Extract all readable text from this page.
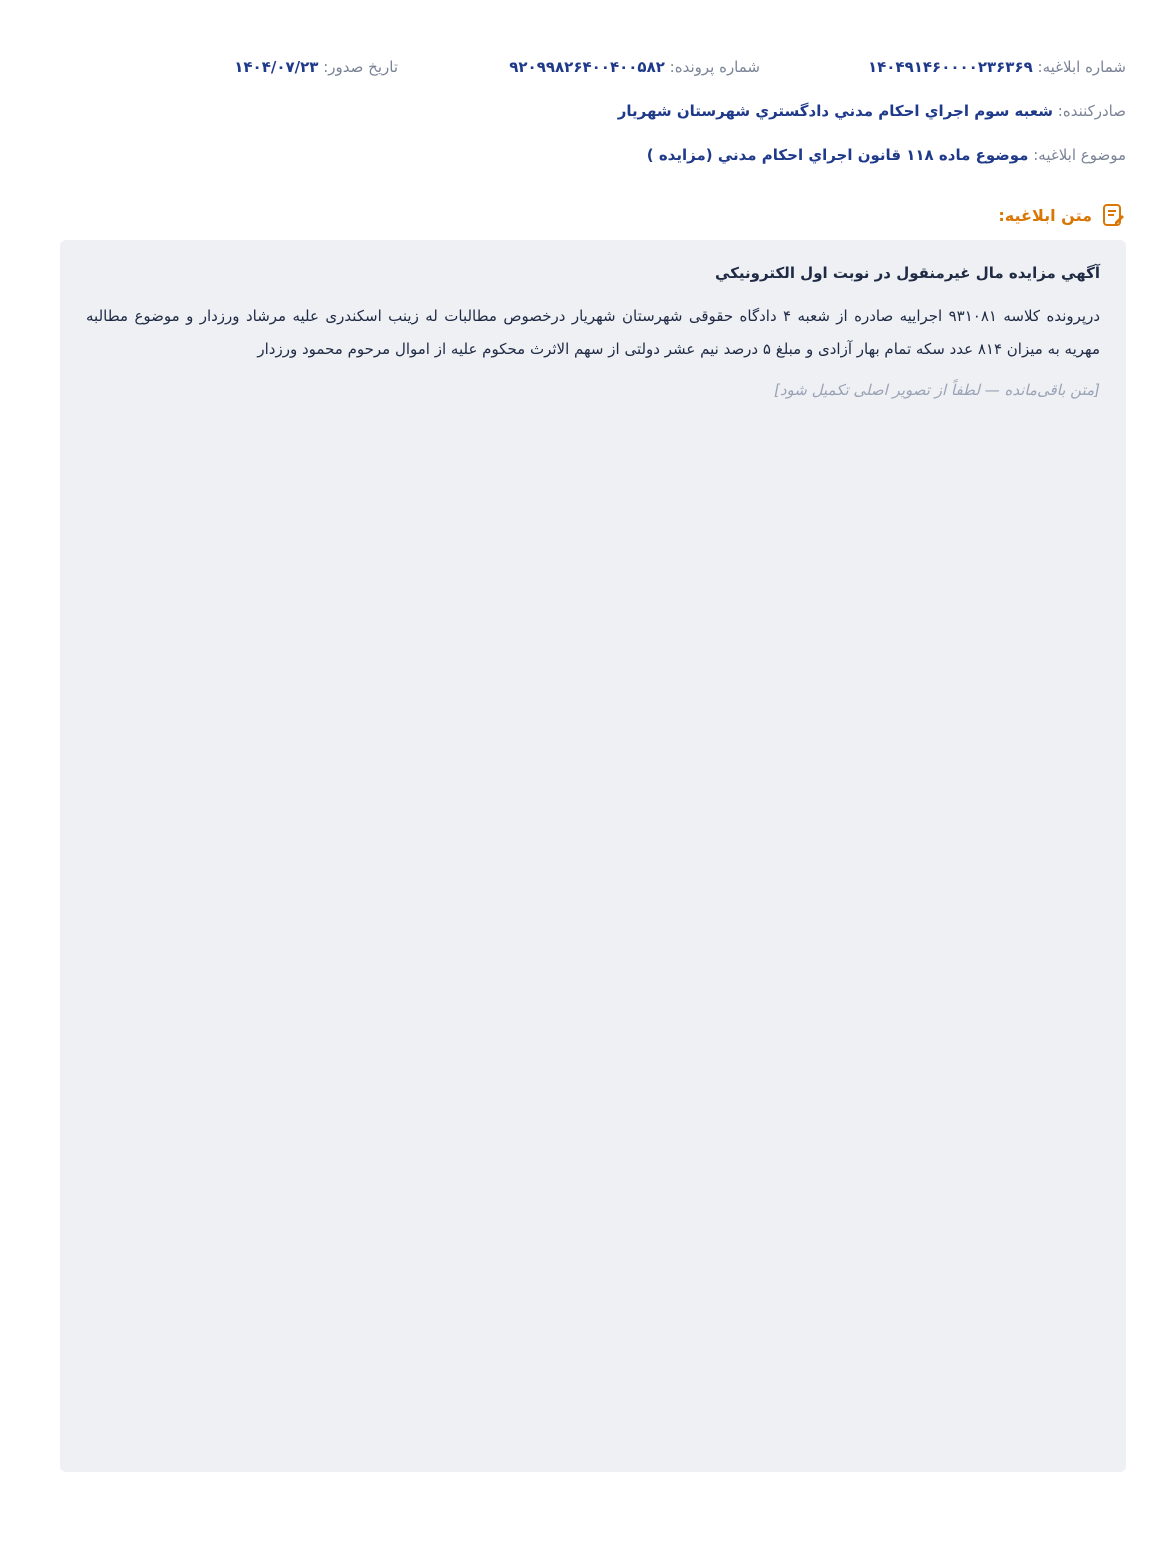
شماره ابلاغیه: ۱۴۰۴۹۱۴۶۰۰۰۰۲۳۶۳۶۹
شماره پرونده: ۹۲۰۹۹۸۲۶۴۰۰۴۰۰۵۸۲
تاریخ صدور: ۱۴۰۴/۰۷/۲۳
صادرکننده: شعبه سوم اجراي احکام مدني دادگستري شهرستان شهريار
موضوع ابلاغيه: موضوع ماده ۱۱۸ قانون اجراي احکام مدني (مزايده )
متن ابلاغيه:
آگهي مزايده مال غيرمنقول در نوبت اول الکترونيکي

درپرونده کلاسه ۹۳۱۰۸۱ اجراییه صادره از شعبه ۴ دادگاه حقوقی شهرستان شهریار درخصوص مطالبات له زینب اسکندری علیه مرشاد ورزدار و موضوع مطالبه مهریه به میزان ۸۱۴ عدد سکه تمام بهار آزادی و مبلغ ۵ درصد نیم عشر دولتی از سهم الاثرث محکوم علیه از اموال مرحوم محمود ورزدار

[متن باقی‌مانده — لطفاً از تصویر اصلی تکمیل شود]
